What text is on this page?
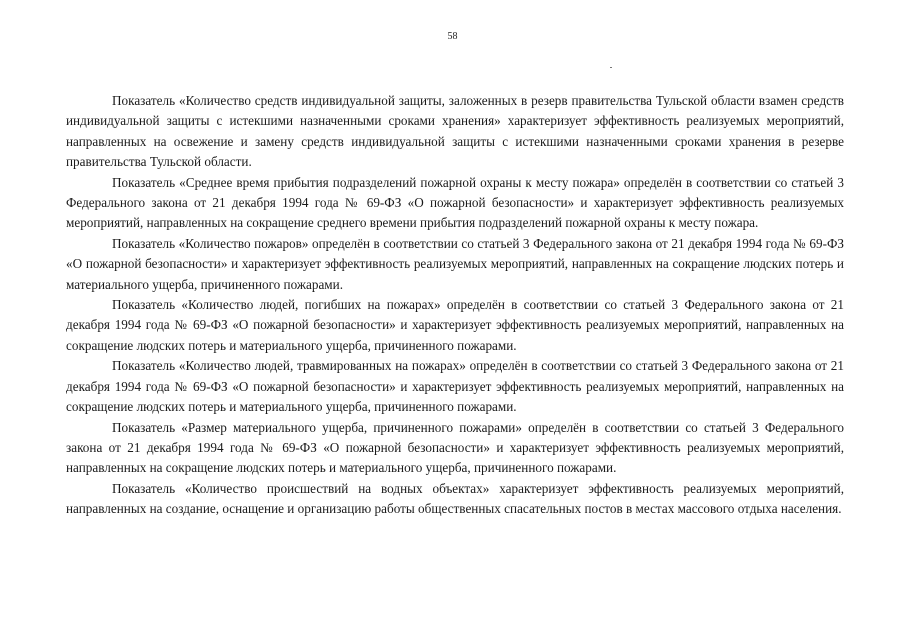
58

Показатель «Количество средств индивидуальной защиты, заложенных в резерв правительства Тульской области взамен средств индивидуальной защиты с истекшими назначенными сроками хранения» характеризует эффективность реализуемых мероприятий, направленных на освежение и замену средств индивидуальной защиты с истекшими назначенными сроками хранения в резерве правительства Тульской области.

Показатель «Среднее время прибытия подразделений пожарной охраны к месту пожара» определён в соответствии со статьей 3 Федерального закона от 21 декабря 1994 года № 69-ФЗ «О пожарной безопасности» и характеризует эффективность реализуемых мероприятий, направленных на сокращение среднего времени прибытия подразделений пожарной охраны к месту пожара.

Показатель «Количество пожаров» определён в соответствии со статьей 3 Федерального закона от 21 декабря 1994 года № 69-ФЗ «О пожарной безопасности» и характеризует эффективность реализуемых мероприятий, направленных на сокращение людских потерь и материального ущерба, причиненного пожарами.

Показатель «Количество людей, погибших на пожарах» определён в соответствии со статьей 3 Федерального закона от 21 декабря 1994 года № 69-ФЗ «О пожарной безопасности» и характеризует эффективность реализуемых мероприятий, направленных на сокращение людских потерь и материального ущерба, причиненного пожарами.

Показатель «Количество людей, травмированных на пожарах» определён в соответствии со статьей 3 Федерального закона от 21 декабря 1994 года № 69-ФЗ «О пожарной безопасности» и характеризует эффективность реализуемых мероприятий, направленных на сокращение людских потерь и материального ущерба, причиненного пожарами.

Показатель «Размер материального ущерба, причиненного пожарами» определён в соответствии со статьей 3 Федерального закона от 21 декабря 1994 года № 69-ФЗ «О пожарной безопасности» и характеризует эффективность реализуемых мероприятий, направленных на сокращение людских потерь и материального ущерба, причиненного пожарами.

Показатель «Количество происшествий на водных объектах» характеризует эффективность реализуемых мероприятий, направленных на создание, оснащение и организацию работы общественных спасательных постов в местах массового отдыха населения.
